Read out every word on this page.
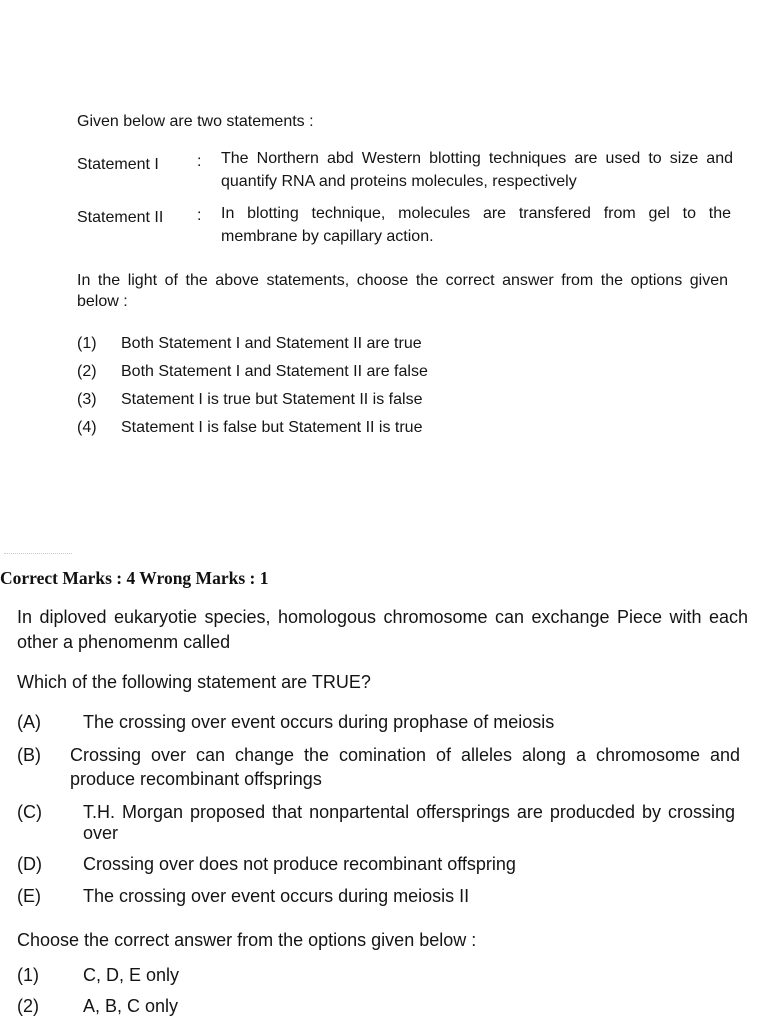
Given below are two statements :
Statement I : The Northern abd Western blotting techniques are used to size and
quantify RNA and proteins molecules, respectively
Statement II : In blotting technique, molecules are transfered from gel to the
membrane by capillary action.
In the light of the above statements, choose the correct answer from the options given
below :
(1) Both Statement I and Statement II are true
(2) Both Statement I and Statement II are false
(3) Statement I is true but Statement II is false
(4) Statement I is false but Statement II is true
Correct Marks : 4 Wrong Marks : 1
In diploved eukaryotie species, homologous chromosome can exchange Piece with each
other a phenomenm called
Which of the following statement are TRUE?
(A) The crossing over event occurs during prophase of meiosis
(B) Crossing over can change the comination of alleles along a chromosome and
produce recombinant offsprings
(C) T.H. Morgan proposed that nonpartental offersprings are producded by crossing
over
(D) Crossing over does not produce recombinant offspring
(E) The crossing over event occurs during meiosis II
Choose the correct answer from the options given below :
(1) C, D, E only
(2) A, B, C only
